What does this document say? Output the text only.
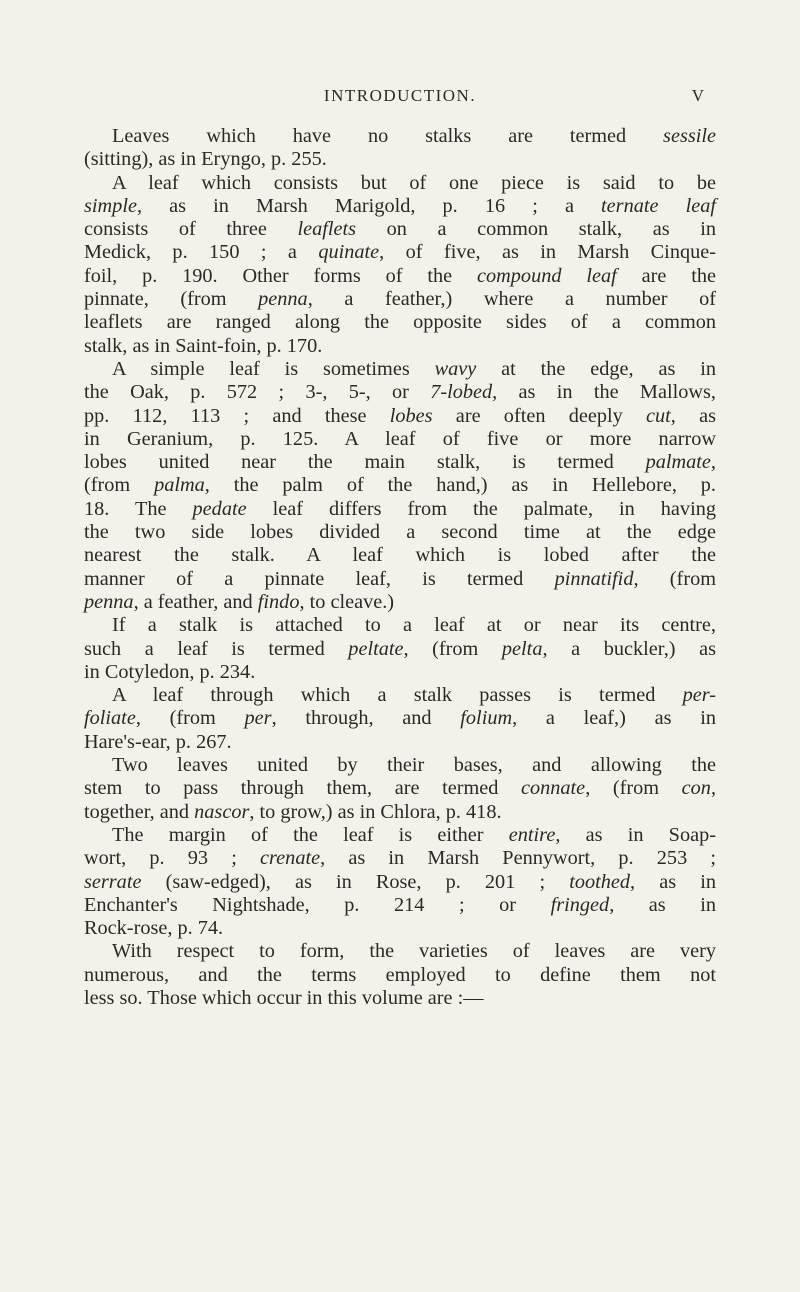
INTRODUCTION.	V
Leaves which have no stalks are termed sessile
(sitting), as in Eryngo, p. 255.
A leaf which consists but of one piece is said to be
simple, as in Marsh Marigold, p. 16 ; a ternate leaf
consists of three leaflets on a common stalk, as in
Medick, p. 150 ; a quinate, of five, as in Marsh Cinque-
foil, p. 190. Other forms of the compound leaf are the
pinnate, (from penna, a feather,) where a number of
leaflets are ranged along the opposite sides of a common
stalk, as in Saint-foin, p. 170.
A simple leaf is sometimes wavy at the edge, as in
the Oak, p. 572 ; 3-, 5-, or 7-lobed, as in the Mallows,
pp. 112, 113 ; and these lobes are often deeply cut, as
in Geranium, p. 125. A leaf of five or more narrow
lobes united near the main stalk, is termed palmate,
(from palma, the palm of the hand,) as in Hellebore, p.
18. The pedate leaf differs from the palmate, in having
the two side lobes divided a second time at the edge
nearest the stalk. A leaf which is lobed after the
manner of a pinnate leaf, is termed pinnatifid, (from
penna, a feather, and findo, to cleave.)
If a stalk is attached to a leaf at or near its centre,
such a leaf is termed peltate, (from pelta, a buckler,) as
in Cotyledon, p. 234.
A leaf through which a stalk passes is termed per-
foliate, (from per, through, and folium, a leaf,) as in
Hare's-ear, p. 267.
Two leaves united by their bases, and allowing the
stem to pass through them, are termed connate, (from con,
together, and nascor, to grow,) as in Chlora, p. 418.
The margin of the leaf is either entire, as in Soap-
wort, p. 93 ; crenate, as in Marsh Pennywort, p. 253 ;
serrate (saw-edged), as in Rose, p. 201 ; toothed, as in
Enchanter's Nightshade, p. 214 ; or fringed, as in
Rock-rose, p. 74.
With respect to form, the varieties of leaves are very
numerous, and the terms employed to define them not
less so. Those which occur in this volume are :—
